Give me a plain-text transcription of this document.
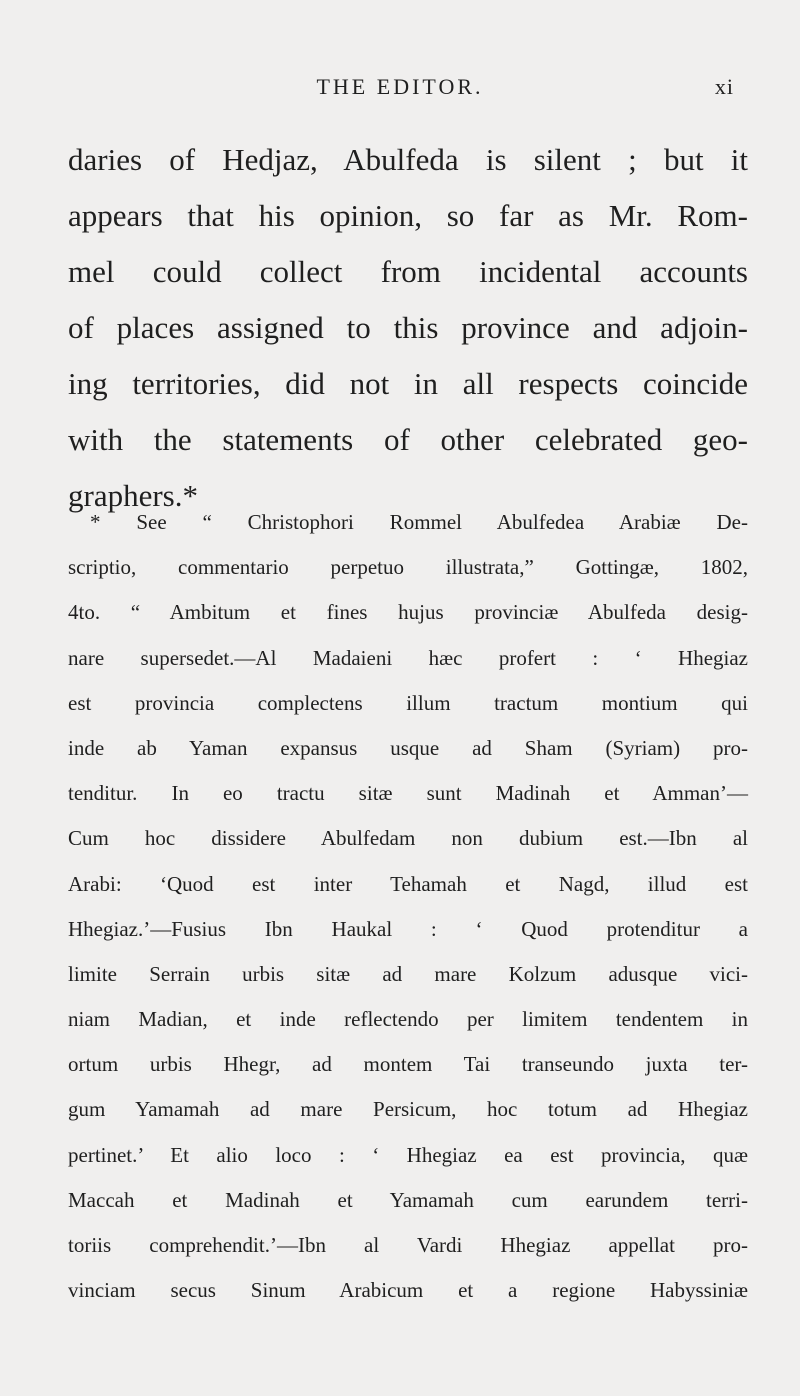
THE EDITOR.	xi
daries of Hedjaz, Abulfeda is silent ; but it
appears that his opinion, so far as Mr. Rom-
mel could collect from incidental accounts
of places assigned to this province and adjoin-
ing territories, did not in all respects coincide
with the statements of other celebrated geo-
graphers.*
* See “ Christophori Rommel Abulfedea Arabiæ De-
scriptio, commentario perpetuo illustrata,” Gottingæ, 1802,
4to. “ Ambitum et fines hujus provinciæ Abulfeda desig-
nare supersedet.—Al Madaieni hæc profert : ‘ Hhegiaz
est provincia complectens illum tractum montium qui
inde ab Yaman expansus usque ad Sham (Syriam) pro-
tenditur. In eo tractu sitæ sunt Madinah et Amman’—
Cum hoc dissidere Abulfedam non dubium est.—Ibn al
Arabi: ‘Quod est inter Tehamah et Nagd, illud est
Hhegiaz.’—Fusius Ibn Haukal : ‘ Quod protenditur a
limite Serrain urbis sitæ ad mare Kolzum adusque vici-
niam Madian, et inde reflectendo per limitem tendentem in
ortum urbis Hhegr, ad montem Tai transeundo juxta ter-
gum Yamamah ad mare Persicum, hoc totum ad Hhegiaz
pertinet.’ Et alio loco : ‘ Hhegiaz ea est provincia, quæ
Maccah et Madinah et Yamamah cum earundem terri-
toriis comprehendit.’—Ibn al Vardi Hhegiaz appellat pro-
vinciam secus Sinum Arabicum et a regione Habyssiniæ
